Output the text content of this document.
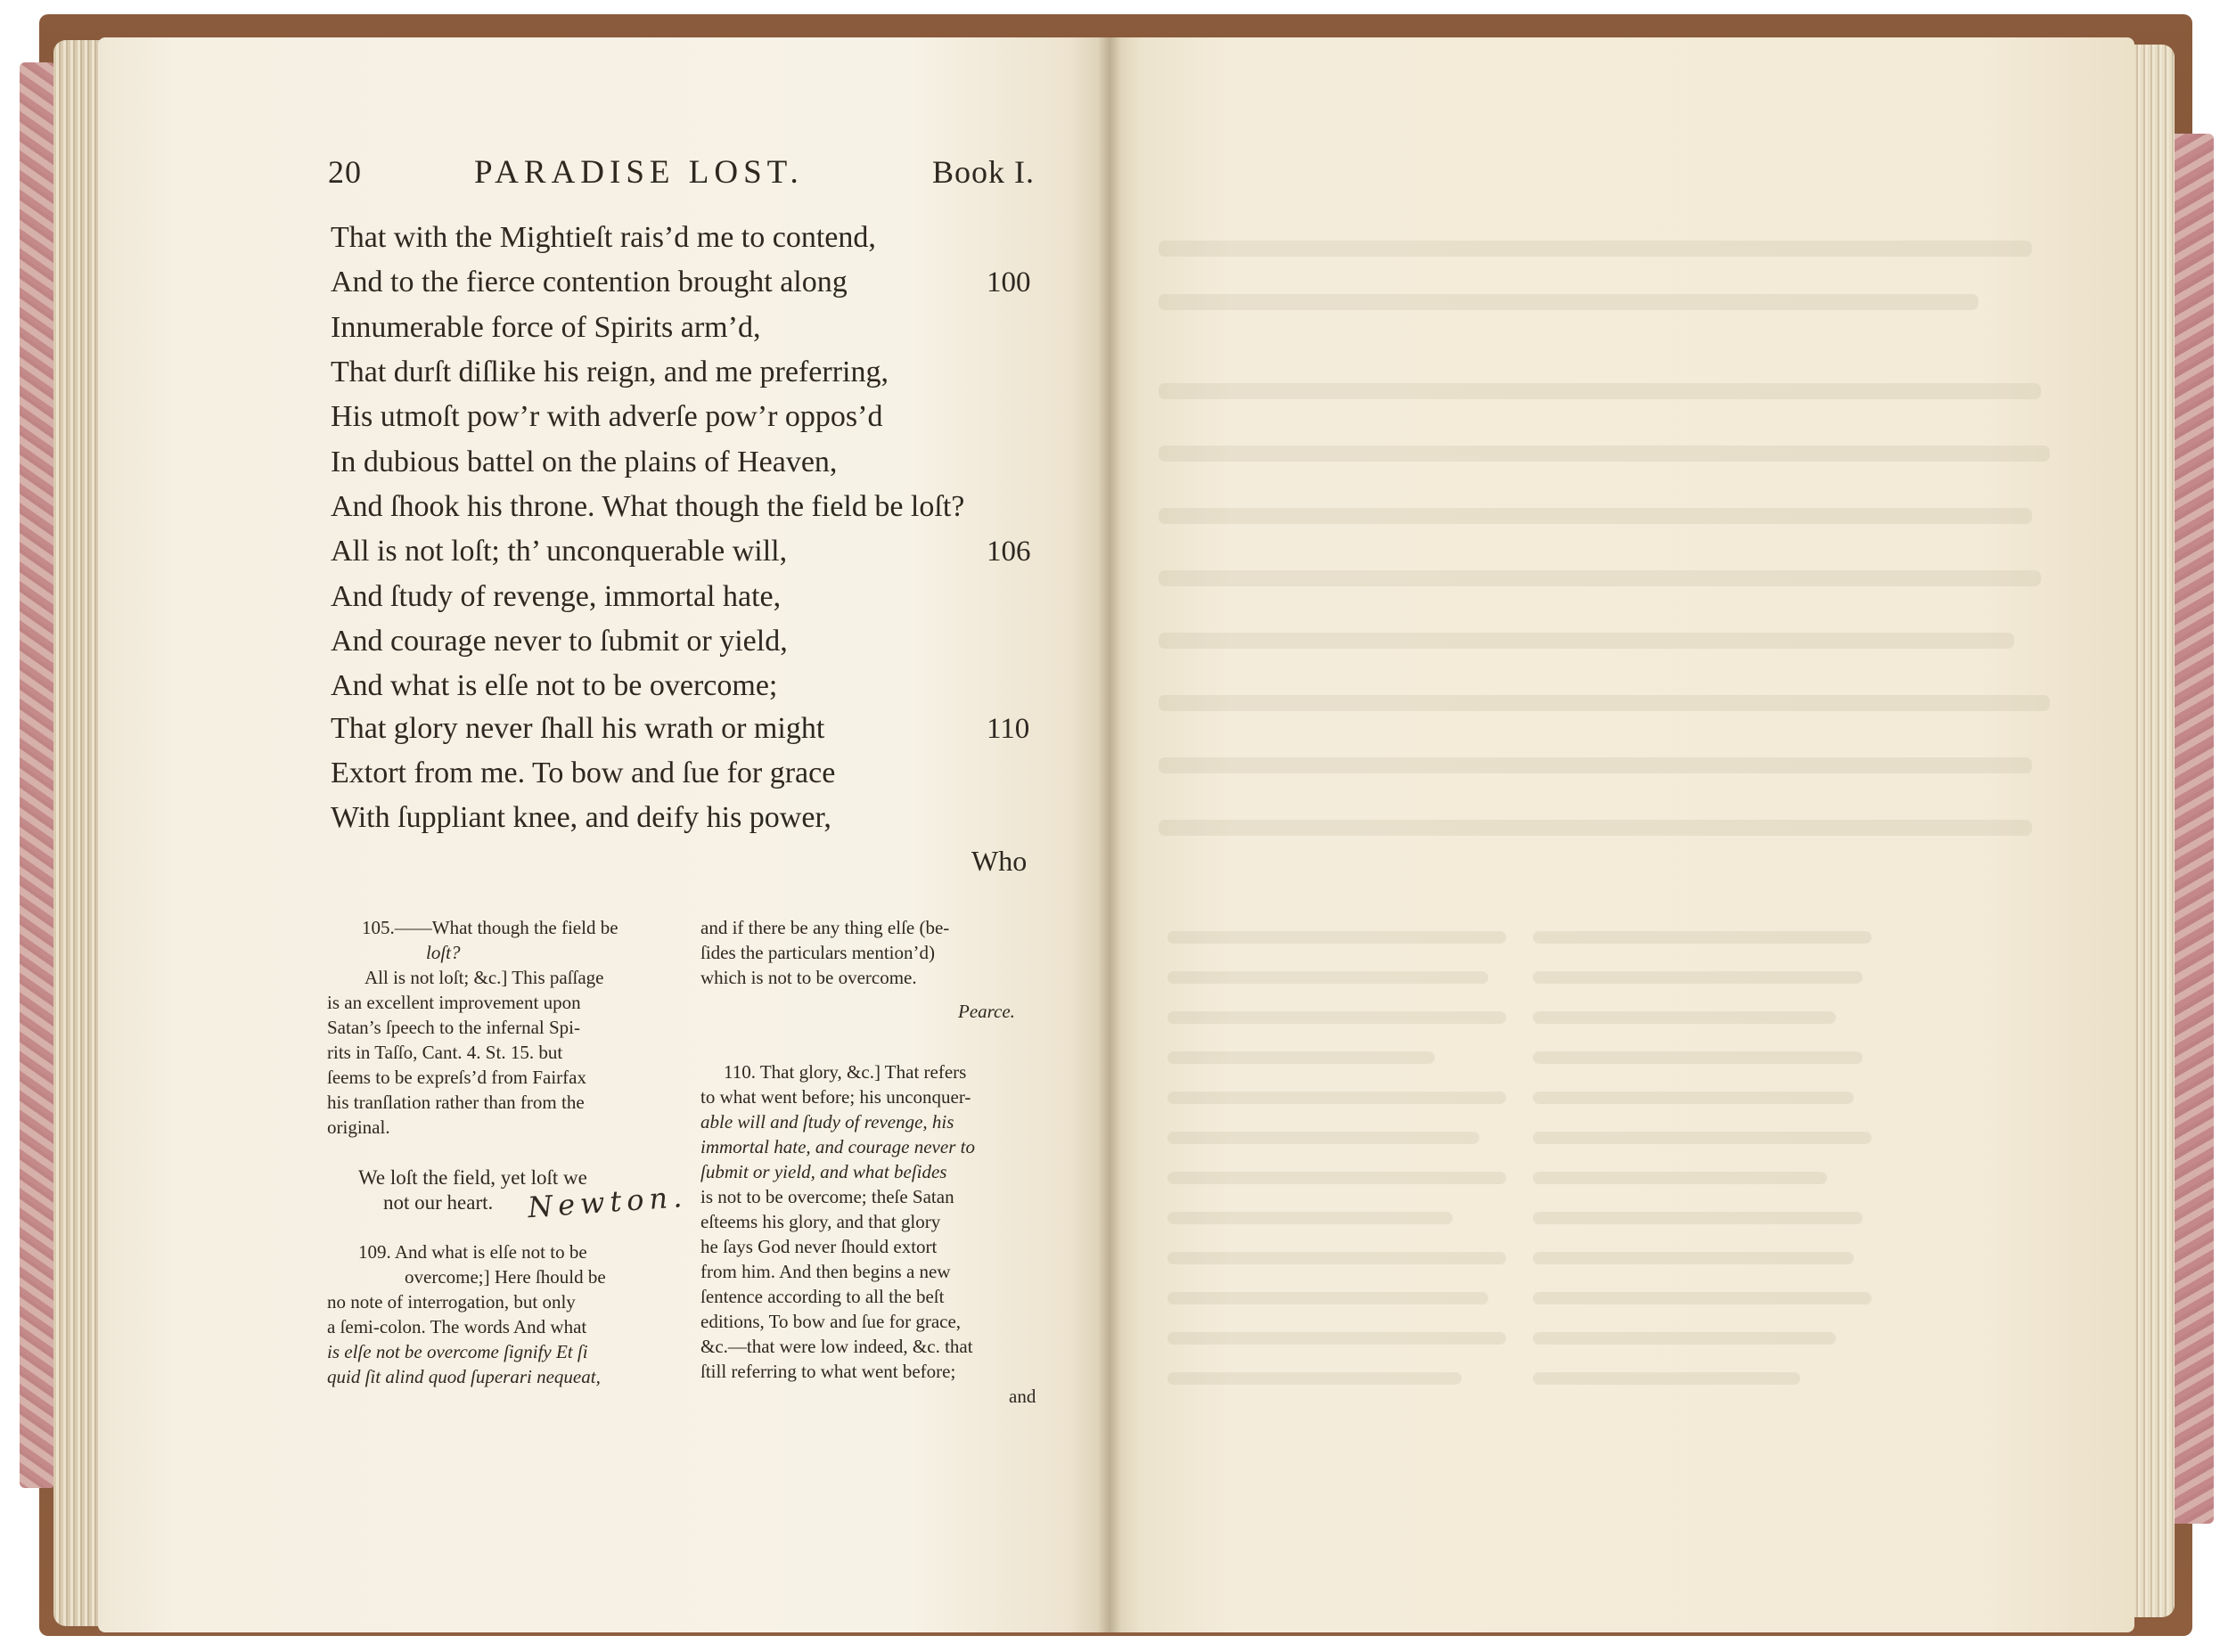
20	PARADISE LOST.	Book I.
That with the Mightieſt rais’d me to contend,
And to the fierce contention brought along	100
Innumerable force of Spirits arm’d,
That durſt diſlike his reign, and me preferring,
His utmoſt pow’r with adverſe pow’r oppos’d
In dubious battel on the plains of Heaven,
And ſhook his throne. What though the field be loſt?
All is not loſt; th’ unconquerable will,	106
And ſtudy of revenge, immortal hate,
And courage never to ſubmit or yield,
And what is elſe not to be overcome;
That glory never ſhall his wrath or might	110
Extort from me. To bow and ſue for grace
With ſuppliant knee, and deify his power,
Who
105.——What though the field be
loſt?
All is not loſt; &c.] This paſſage
is an excellent improvement upon
Satan’s ſpeech to the infernal Spi-
rits in Taſſo, Cant. 4. St. 15. but
ſeems to be expreſs’d from Fairfax
his tranſlation rather than from the
original.
We loſt the field, yet loſt we
not our heart.
109. And what is elſe not to be
overcome;] Here ſhould be
no note of interrogation, but only
a ſemi-colon. The words And what
is elſe not be overcome ſignify Et ſi
quid ſit alind quod ſuperari nequeat,
Newton.
and if there be any thing elſe (be-
ſides the particulars mention’d)
which is not to be overcome.
Pearce.
110. That glory, &c.] That refers
to what went before; his unconquer-
able will and ſtudy of revenge, his
immortal hate, and courage never to
ſubmit or yield, and what beſides
is not to be overcome; theſe Satan
eſteems his glory, and that glory
he ſays God never ſhould extort
from him. And then begins a new
ſentence according to all the beſt
editions, To bow and ſue for grace,
&c.—that were low indeed, &c. that
ſtill referring to what went before;
and
